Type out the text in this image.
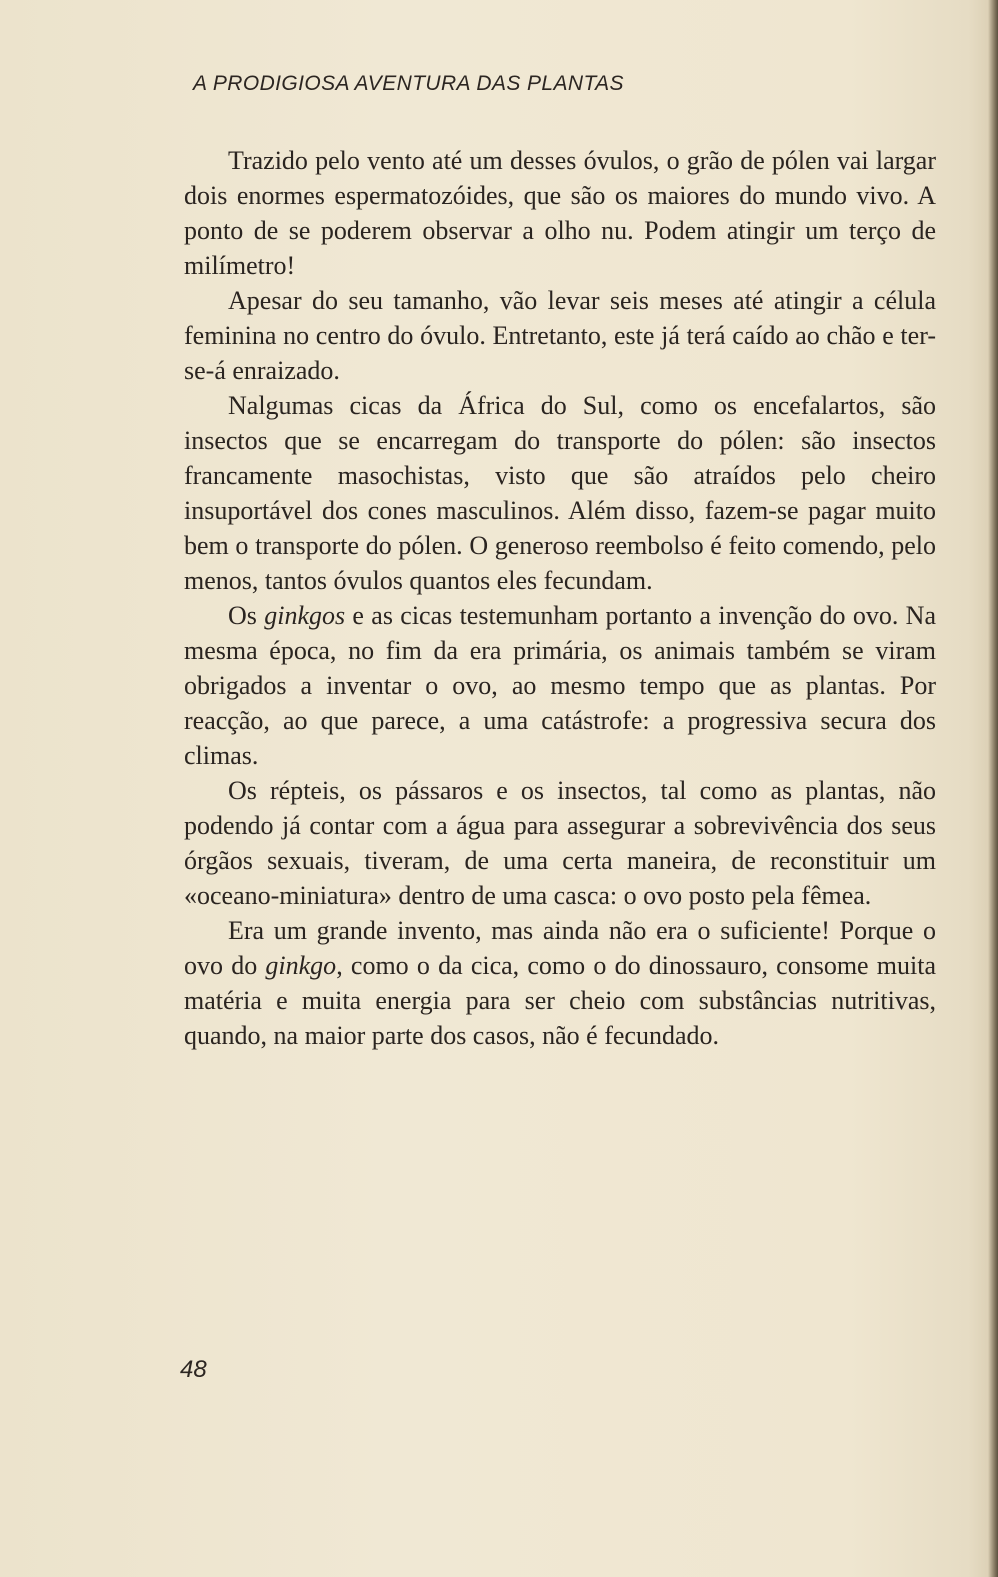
A PRODIGIOSA AVENTURA DAS PLANTAS

Trazido pelo vento até um desses óvulos, o grão de pólen vai largar dois enormes espermatozóides, que são os maiores do mundo vivo. A ponto de se poderem observar a olho nu. Podem atingir um terço de milímetro!

Apesar do seu tamanho, vão levar seis meses até atingir a célula feminina no centro do óvulo. Entretanto, este já terá caído ao chão e ter-se-á enraizado.

Nalgumas cicas da África do Sul, como os encefalartos, são insectos que se encarregam do transporte do pólen: são insectos francamente masochistas, visto que são atraídos pelo cheiro insuportável dos cones masculinos. Além disso, fazem-se pagar muito bem o transporte do pólen. O generoso reembolso é feito comendo, pelo menos, tantos óvulos quantos eles fecundam.

Os ginkgos e as cicas testemunham portanto a invenção do ovo. Na mesma época, no fim da era primária, os animais também se viram obrigados a inventar o ovo, ao mesmo tempo que as plantas. Por reacção, ao que parece, a uma catástrofe: a progressiva secura dos climas.

Os répteis, os pássaros e os insectos, tal como as plantas, não podendo já contar com a água para assegurar a sobrevivência dos seus órgãos sexuais, tiveram, de uma certa maneira, de reconstituir um «oceano-miniatura» dentro de uma casca: o ovo posto pela fêmea.

Era um grande invento, mas ainda não era o suficiente! Porque o ovo do ginkgo, como o da cica, como o do dinossauro, consome muita matéria e muita energia para ser cheio com substâncias nutritivas, quando, na maior parte dos casos, não é fecundado.

48
